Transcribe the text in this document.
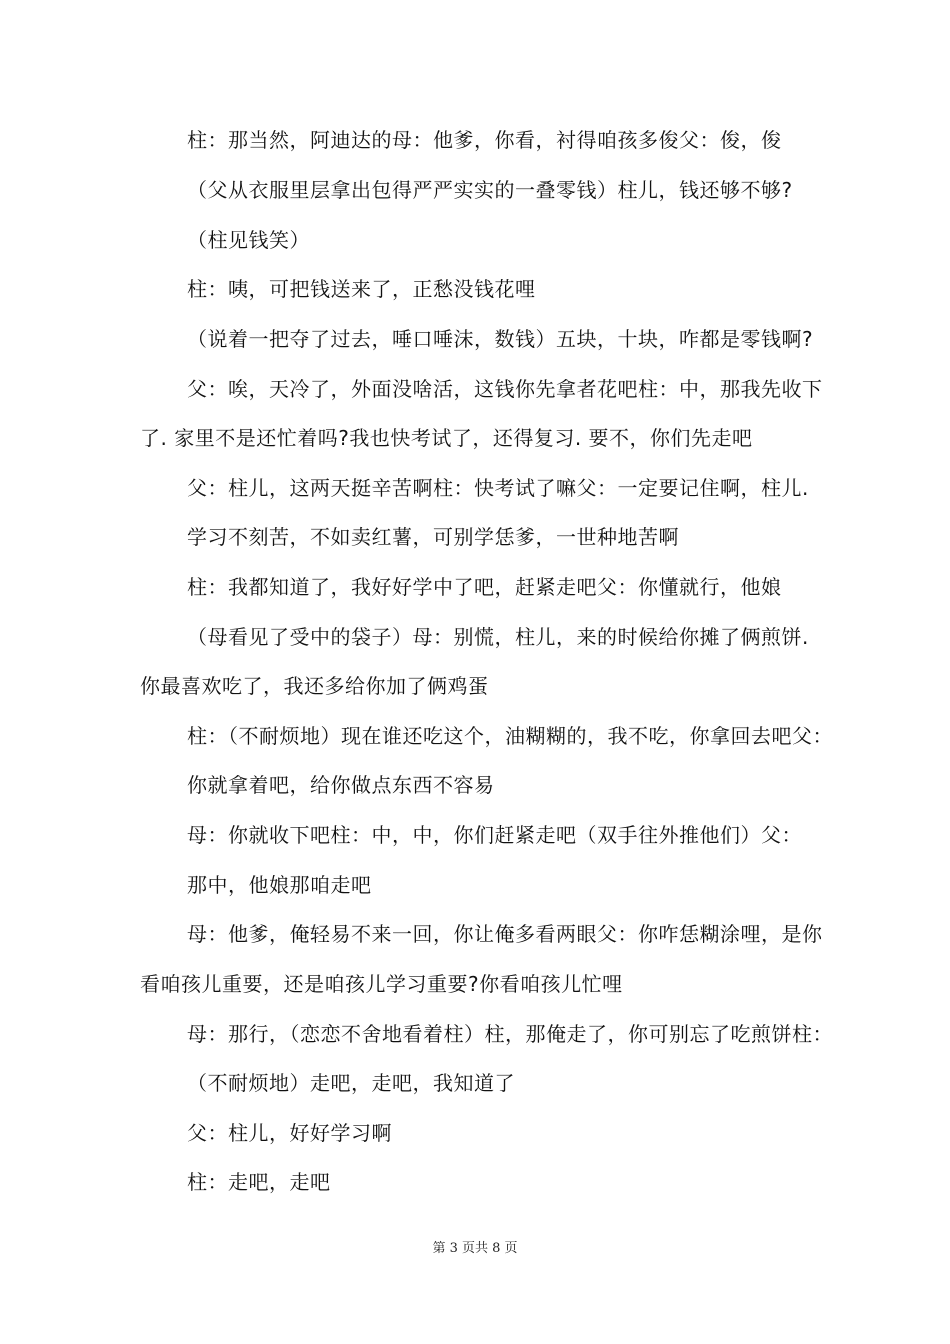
柱：那当然，阿迪达的母：他爹，你看，衬得咱孩多俊父：俊，俊
（父从衣服里层拿出包得严严实实的一叠零钱）柱儿，钱还够不够?
（柱见钱笑）
柱：咦，可把钱送来了，正愁没钱花哩
（说着一把夺了过去，唾口唾沫，数钱）五块，十块，咋都是零钱啊?
父：唉，天冷了，外面没啥活，这钱你先拿者花吧柱：中，那我先收下
了. 家里不是还忙着吗?我也快考试了，还得复习. 要不，你们先走吧
父：柱儿，这两天挺辛苦啊柱：快考试了嘛父：一定要记住啊，柱儿.
学习不刻苦，不如卖红薯，可别学恁爹，一世种地苦啊
柱：我都知道了，我好好学中了吧，赶紧走吧父：你懂就行，他娘
（母看见了受中的袋子）母：别慌，柱儿，来的时候给你摊了俩煎饼.
你最喜欢吃了，我还多给你加了俩鸡蛋
柱：（不耐烦地）现在谁还吃这个，油糊糊的，我不吃，你拿回去吧父：
你就拿着吧，给你做点东西不容易
母：你就收下吧柱：中，中，你们赶紧走吧（双手往外推他们）父：
那中，他娘那咱走吧
母：他爹，俺轻易不来一回，你让俺多看两眼父：你咋恁糊涂哩，是你
看咱孩儿重要，还是咱孩儿学习重要?你看咱孩儿忙哩
母：那行，（恋恋不舍地看着柱）柱，那俺走了，你可别忘了吃煎饼柱：
（不耐烦地）走吧，走吧，我知道了
父：柱儿，好好学习啊
柱：走吧，走吧
第 3 页共 8 页
